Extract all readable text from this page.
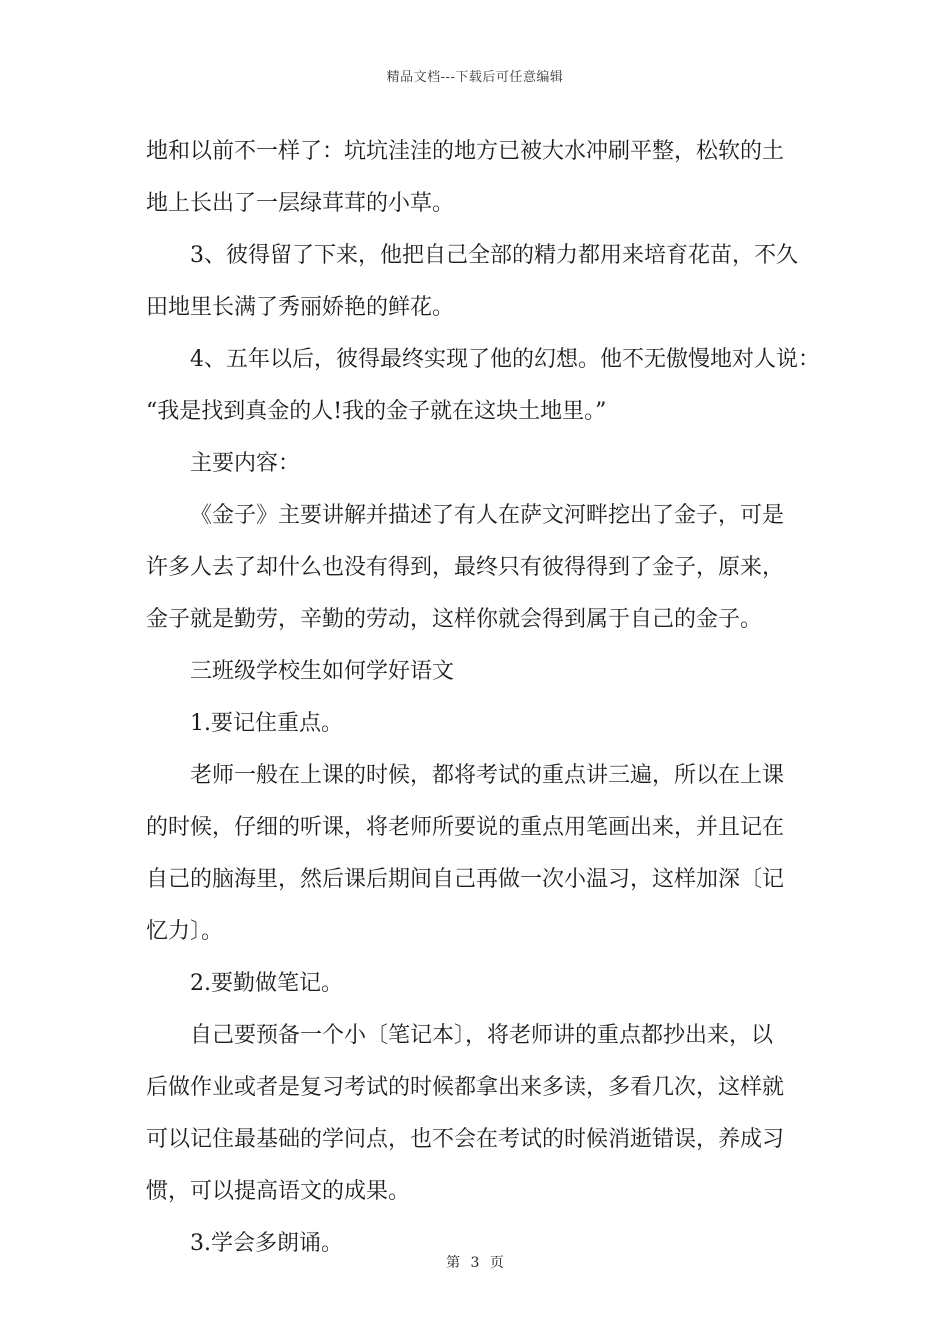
精品文档---下载后可任意编辑
地和以前不一样了：坑坑洼洼的地方已被大水冲刷平整，松软的土
地上长出了一层绿茸茸的小草。
3、彼得留了下来，他把自己全部的精力都用来培育花苗，不久
田地里长满了秀丽娇艳的鲜花。
4、五年以后，彼得最终实现了他的幻想。他不无傲慢地对人说：
“我是找到真金的人!我的金子就在这块土地里。”
主要内容：
《金子》主要讲解并描述了有人在萨文河畔挖出了金子，可是
许多人去了却什么也没有得到，最终只有彼得得到了金子，原来，
金子就是勤劳，辛勤的劳动，这样你就会得到属于自己的金子。
三班级学校生如何学好语文
1.要记住重点。
老师一般在上课的时候，都将考试的重点讲三遍，所以在上课
的时候，仔细的听课，将老师所要说的重点用笔画出来，并且记在
自己的脑海里，然后课后期间自己再做一次小温习，这样加深〔记
忆力〕。
2.要勤做笔记。
自己要预备一个小〔笔记本〕，将老师讲的重点都抄出来，以
后做作业或者是复习考试的时候都拿出来多读，多看几次，这样就
可以记住最基础的学问点，也不会在考试的时候消逝错误，养成习
惯，可以提高语文的成果。
3.学会多朗诵。
第 3 页
